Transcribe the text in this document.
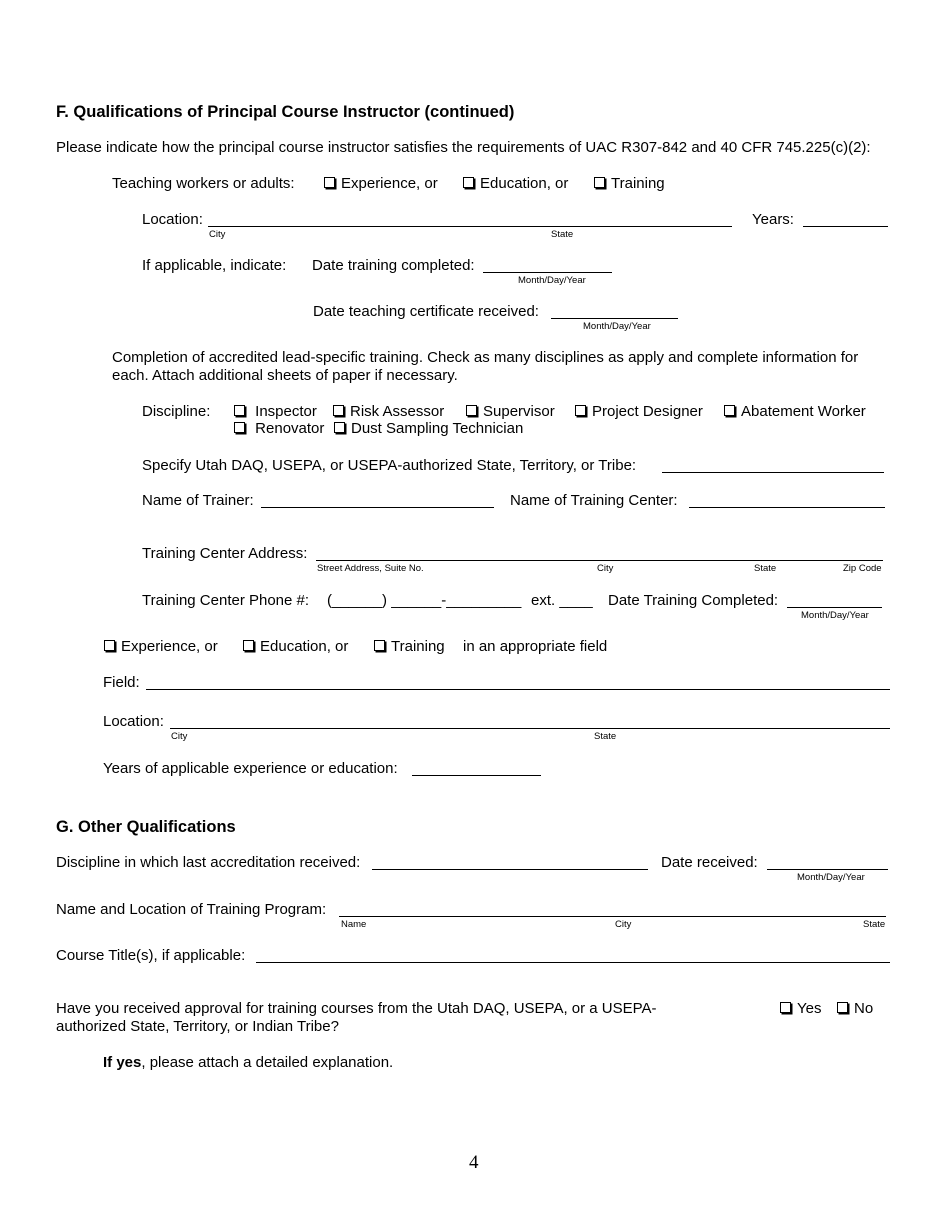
F. Qualifications of Principal Course Instructor (continued)
Please indicate how the principal course instructor satisfies the requirements of UAC R307-842 and 40 CFR 745.225(c)(2):
Teaching workers or adults:	Experience, or	Education, or	Training
Location:
City	State
Years:
If applicable, indicate: Date training completed:
Month/Day/Year
Date teaching certificate received:
Month/Day/Year
Completion of accredited lead-specific training. Check as many disciplines as apply and complete information for
each. Attach additional sheets of paper if necessary.
Discipline:	Inspector	Risk Assessor	Supervisor	Project Designer	Abatement Worker
Renovator	Dust Sampling Technician
Specify Utah DAQ, USEPA, or USEPA-authorized State, Territory, or Tribe:
Name of Trainer:	Name of Training Center:
Training Center Address:
Street Address, Suite No.	City	State	Zip Code
Training Center Phone #: (______) ______-_________ ext. ____ Date Training Completed:
Month/Day/Year
Experience, or	Education, or	Training in an appropriate field
Field:
Location:
City	State
Years of applicable experience or education:
G. Other Qualifications
Discipline in which last accreditation received:	Date received:
Month/Day/Year
Name and Location of Training Program:
Name	City	State
Course Title(s), if applicable:
Have you received approval for training courses from the Utah DAQ, USEPA, or a USEPA-
authorized State, Territory, or Indian Tribe?
Yes	No
If yes, please attach a detailed explanation.
4
